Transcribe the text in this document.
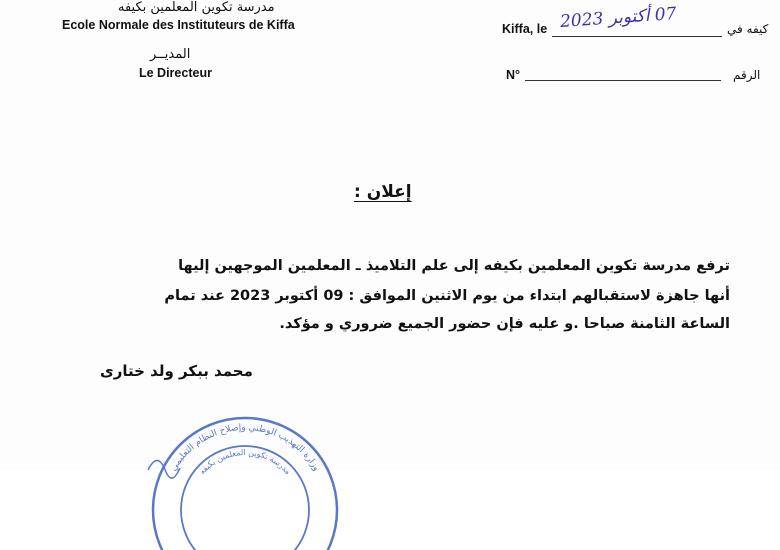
مدرسة تكوين المعلمين بكيفه
Ecole Normale des Instituteurs de Kiffa
المديــر
Le Directeur
Kiffa, le 07 أكتوبر 2023
كيفه في
N°	الرقم
إعلان :
ترفع مدرسة تكوين المعلمين بكيفه إلى علم التلاميذ ـ المعلمين الموجهين إليها
أنها جاهزة لاستقبالهم ابتداء من يوم الاثنين الموافق : 09 أكتوبر 2023 عند تمام
الساعة الثامنة صباحا .و عليه فإن حضور الجميع ضروري و مؤكد.
محمد ببكر ولد ختارى
وزارة التهذيب الوطني وإصلاح النظام التعليمي
مدرسة تكوين المعلمين بكيفه
